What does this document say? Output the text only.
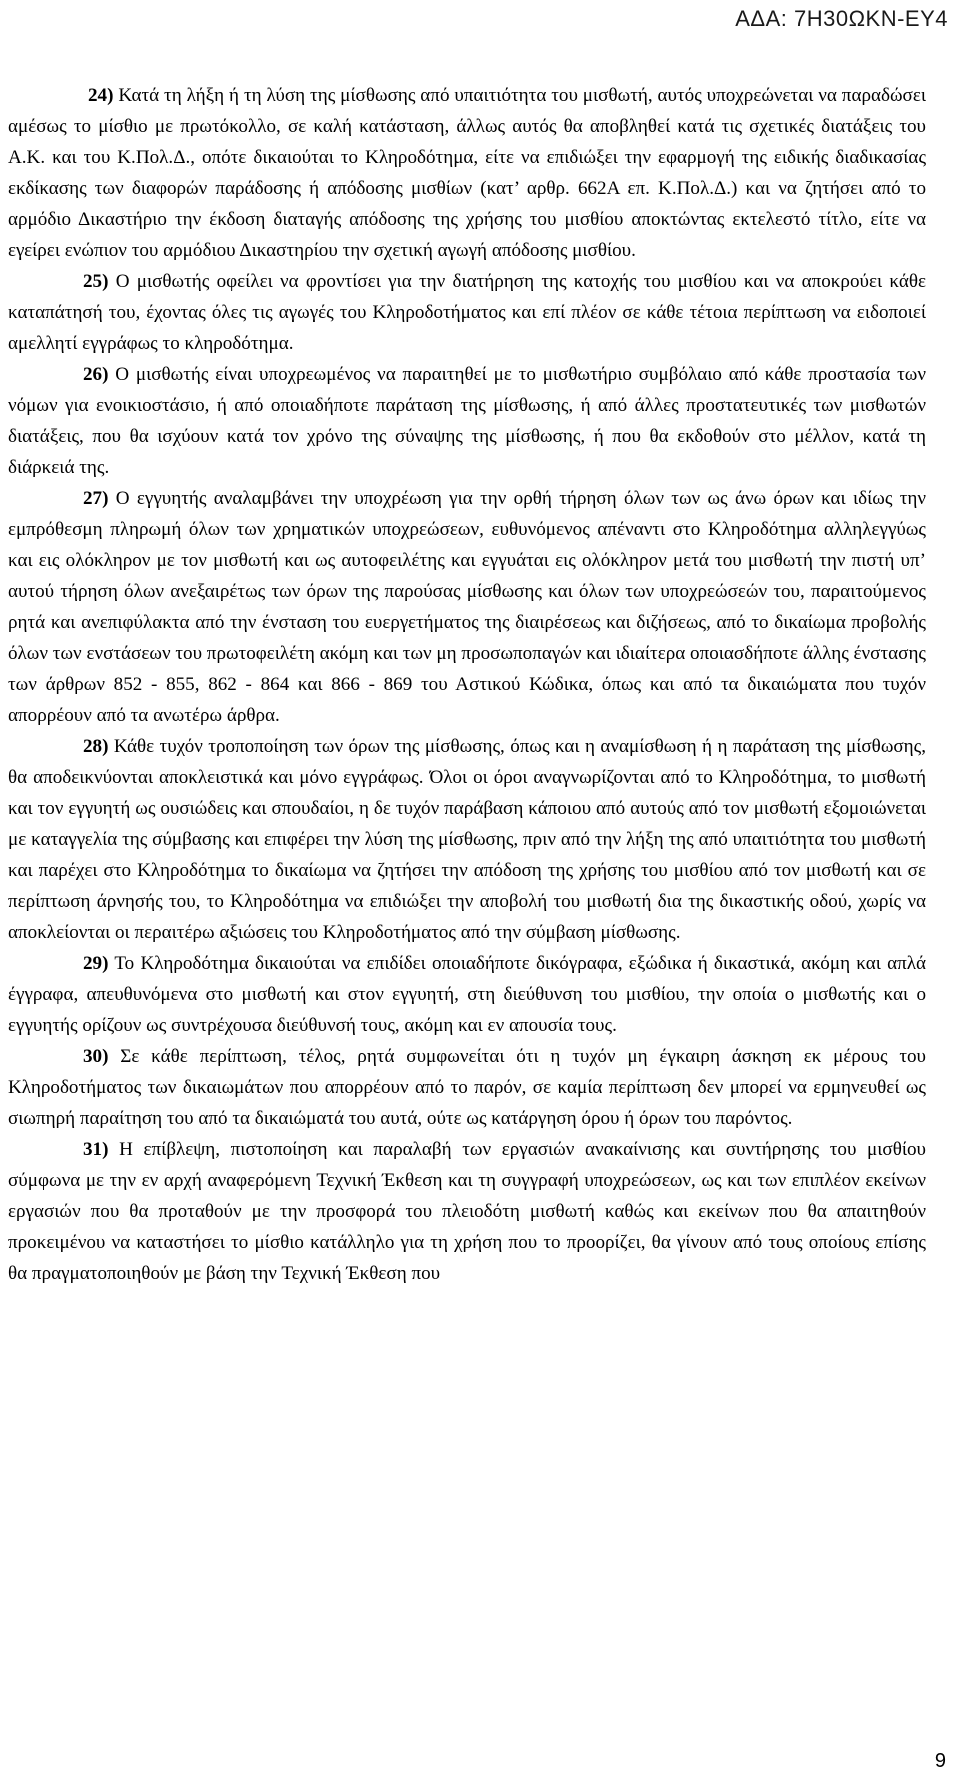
ΑΔΑ: 7Η30ΩΚΝ-ΕΥ4

24) Κατά τη λήξη ή τη λύση της μίσθωσης από υπαιτιότητα του μισθωτή, αυτός υποχρεώνεται να παραδώσει αμέσως το μίσθιο με πρωτόκολλο, σε καλή κατάσταση, άλλως αυτός θα αποβληθεί κατά τις σχετικές διατάξεις του Α.Κ. και του Κ.Πολ.Δ., οπότε δικαιούται το Κληροδότημα, είτε να επιδιώξει την εφαρμογή της ειδικής διαδικασίας εκδίκασης των διαφορών παράδοσης ή απόδοσης μισθίων (κατ’ αρθρ. 662Α επ. Κ.Πολ.Δ.) και να ζητήσει από το αρμόδιο Δικαστήριο την έκδοση διαταγής απόδοσης της χρήσης του μισθίου αποκτώντας εκτελεστό τίτλο, είτε να εγείρει ενώπιον του αρμόδιου Δικαστηρίου την σχετική αγωγή απόδοσης μισθίου.

25) Ο μισθωτής οφείλει να φροντίσει για την διατήρηση της κατοχής του μισθίου και να αποκρούει κάθε καταπάτησή του, έχοντας όλες τις αγωγές του Κληροδοτήματος και επί πλέον σε κάθε τέτοια περίπτωση να ειδοποιεί αμελλητί εγγράφως το κληροδότημα.

26) Ο μισθωτής είναι υποχρεωμένος να παραιτηθεί με το μισθωτήριο συμβόλαιο από κάθε προστασία των νόμων για ενοικιοστάσιο, ή από οποιαδήποτε παράταση της μίσθωσης, ή από άλλες προστατευτικές των μισθωτών διατάξεις, που θα ισχύουν κατά τον χρόνο της σύναψης της μίσθωσης, ή που θα εκδοθούν στο μέλλον, κατά τη διάρκειά της.

27) Ο εγγυητής αναλαμβάνει την υποχρέωση για την ορθή τήρηση όλων των ως άνω όρων και ιδίως την εμπρόθεσμη πληρωμή όλων των χρηματικών υποχρεώσεων, ευθυνόμενος απέναντι στο Κληροδότημα αλληλεγγύως και εις ολόκληρον με τον μισθωτή και ως αυτοφειλέτης και εγγυάται εις ολόκληρον μετά του μισθωτή την πιστή υπ’ αυτού τήρηση όλων ανεξαιρέτως των όρων της παρούσας μίσθωσης και όλων των υποχρεώσεών του, παραιτούμενος ρητά και ανεπιφύλακτα από την ένσταση του ευεργετήματος της διαιρέσεως και διζήσεως, από το δικαίωμα προβολής όλων των ενστάσεων του πρωτοφειλέτη ακόμη και των μη προσωποπαγών και ιδιαίτερα οποιασδήποτε άλλης ένστασης των άρθρων 852 - 855, 862 - 864 και 866 - 869 του Αστικού Κώδικα, όπως και από τα δικαιώματα που τυχόν απορρέουν από τα ανωτέρω άρθρα.

28) Κάθε τυχόν τροποποίηση των όρων της μίσθωσης, όπως και η αναμίσθωση ή η παράταση της μίσθωσης, θα αποδεικνύονται αποκλειστικά και μόνο εγγράφως. Όλοι οι όροι αναγνωρίζονται από το Κληροδότημα, το μισθωτή και τον εγγυητή ως ουσιώδεις και σπουδαίοι, η δε τυχόν παράβαση κάποιου από αυτούς από τον μισθωτή εξομοιώνεται με καταγγελία της σύμβασης και επιφέρει την λύση της μίσθωσης, πριν από την λήξη της από υπαιτιότητα του μισθωτή και παρέχει στο Κληροδότημα το δικαίωμα να ζητήσει την απόδοση της χρήσης του μισθίου από τον μισθωτή και σε περίπτωση άρνησής του, το Κληροδότημα να επιδιώξει την αποβολή του μισθωτή δια της δικαστικής οδού, χωρίς να αποκλείονται οι περαιτέρω αξιώσεις του Κληροδοτήματος από την σύμβαση μίσθωσης.

29) Το Κληροδότημα δικαιούται να επιδίδει οποιαδήποτε δικόγραφα, εξώδικα ή δικαστικά, ακόμη και απλά έγγραφα, απευθυνόμενα στο μισθωτή και στον εγγυητή, στη διεύθυνση του μισθίου, την οποία ο μισθωτής και ο εγγυητής ορίζουν ως συντρέχουσα διεύθυνσή τους, ακόμη και εν απουσία τους.

30) Σε κάθε περίπτωση, τέλος, ρητά συμφωνείται ότι η τυχόν μη έγκαιρη άσκηση εκ μέρους του Κληροδοτήματος των δικαιωμάτων που απορρέουν από το παρόν, σε καμία περίπτωση δεν μπορεί να ερμηνευθεί ως σιωπηρή παραίτηση του από τα δικαιώματά του αυτά, ούτε ως κατάργηση όρου ή όρων του παρόντος.

31) Η επίβλεψη, πιστοποίηση και παραλαβή των εργασιών ανακαίνισης και συντήρησης του μισθίου σύμφωνα με την εν αρχή αναφερόμενη Τεχνική Έκθεση και τη συγγραφή υποχρεώσεων, ως και των επιπλέον εκείνων εργασιών που θα προταθούν με την προσφορά του πλειοδότη μισθωτή καθώς και εκείνων που θα απαιτηθούν προκειμένου να καταστήσει το μίσθιο κατάλληλο για τη χρήση που το προορίζει, θα γίνουν από τους οποίους επίσης θα πραγματοποιηθούν με βάση την Τεχνική Έκθεση που

9
